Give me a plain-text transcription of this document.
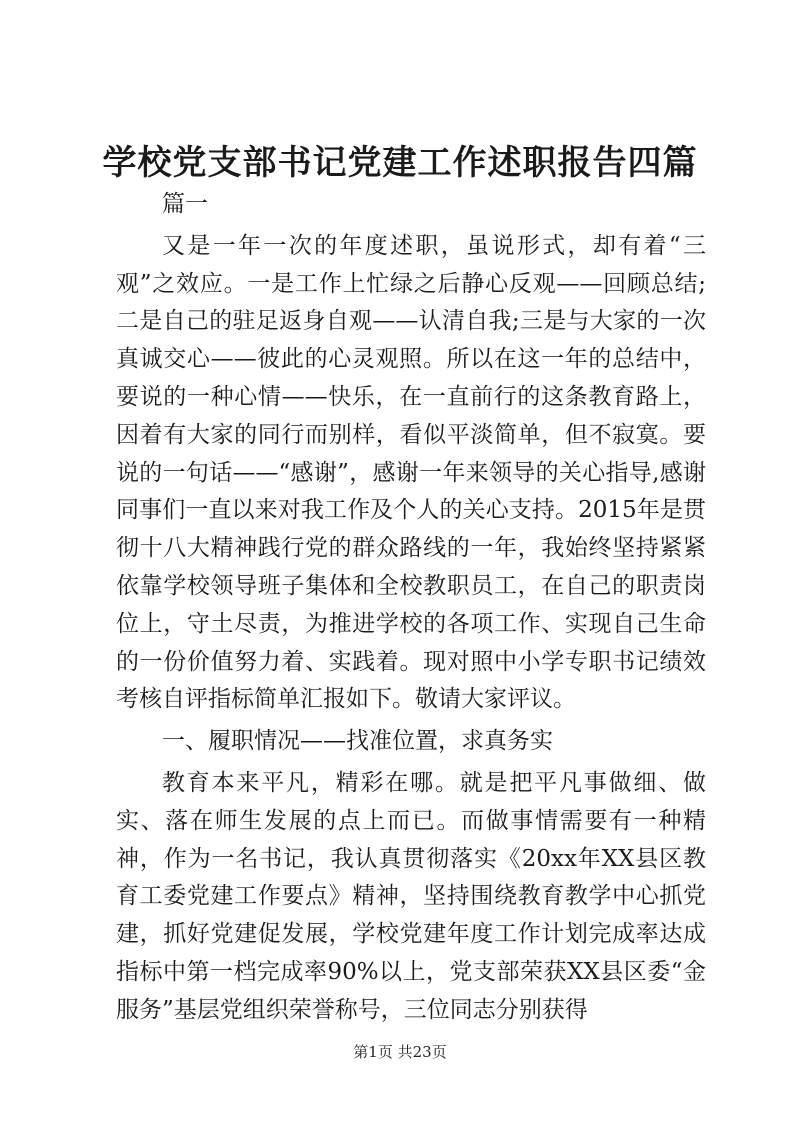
学校党支部书记党建工作述职报告四篇

篇一

又是一年一次的年度述职，虽说形式，却有着“三观”之效应。一是工作上忙绿之后静心反观——回顾总结;二是自己的驻足返身自观——认清自我;三是与大家的一次真诚交心——彼此的心灵观照。所以在这一年的总结中，要说的一种心情——快乐，在一直前行的这条教育路上，因着有大家的同行而别样，看似平淡简单，但不寂寞。要说的一句话——“感谢”，感谢一年来领导的关心指导,感谢同事们一直以来对我工作及个人的关心支持。2015年是贯彻十八大精神践行党的群众路线的一年，我始终坚持紧紧依靠学校领导班子集体和全校教职员工，在自己的职责岗位上，守土尽责，为推进学校的各项工作、实现自己生命的一份价值努力着、实践着。现对照中小学专职书记绩效考核自评指标简单汇报如下。敬请大家评议。

一、履职情况——找准位置，求真务实

教育本来平凡，精彩在哪。就是把平凡事做细、做实、落在师生发展的点上而已。而做事情需要有一种精神，作为一名书记，我认真贯彻落实《20xx年XX县区教育工委党建工作要点》精神，坚持围绕教育教学中心抓党建，抓好党建促发展，学校党建年度工作计划完成率达成指标中第一档完成率90%以上，党支部荣获XX县区委“金服务”基层党组织荣誉称号，三位同志分别获得

第1页 共23页
